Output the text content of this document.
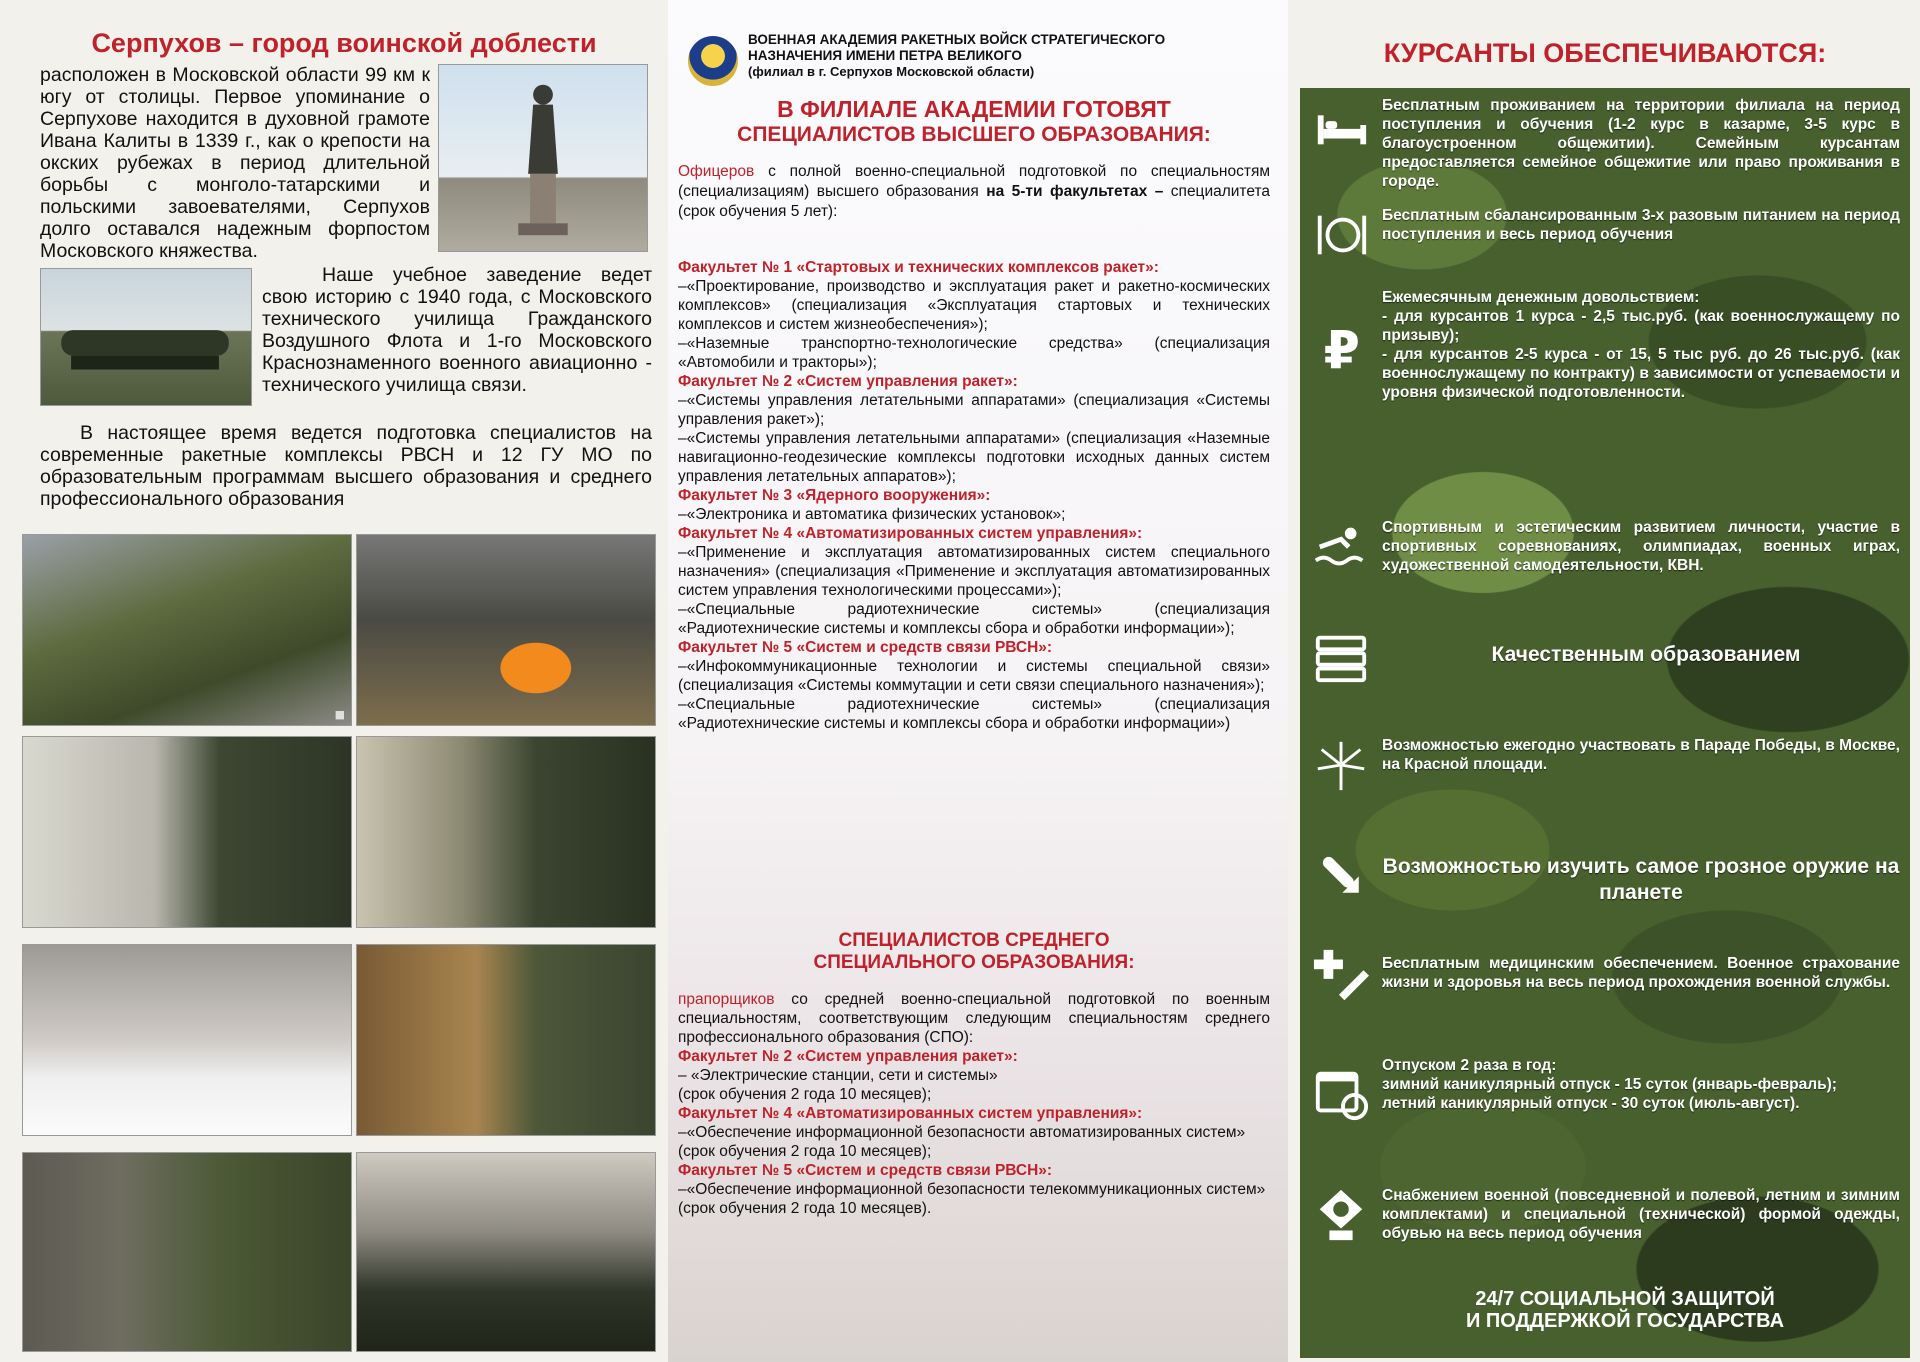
Серпухов – город воинской доблести

расположен в Московской области 99 км к югу от столицы. Первое упоминание о Серпухове находится в духовной грамоте Ивана Калиты в 1339 г., как о крепости на окских рубежах в период длительной борьбы с монголо-татарскими и польскими завоевателями, Серпухов долго оставался надежным форпостом Московского княжества.

Наше учебное заведение ведет свою историю с 1940 года, с Московского технического училища Гражданского Воздушного Флота и 1-го Московского Краснознаменного военного авиационно - технического училища связи.

В настоящее время ведется подготовка специалистов на современные ракетные комплексы РВСН и 12 ГУ МО по образовательным программам высшего образования и среднего профессионального образования

■
ВОЕННАЯ АКАДЕМИЯ РАКЕТНЫХ ВОЙСК СТРАТЕГИЧЕСКОГО НАЗНАЧЕНИЯ ИМЕНИ ПЕТРА ВЕЛИКОГО
(филиал в г. Серпухов Московской области)

В ФИЛИАЛЕ АКАДЕМИИ ГОТОВЯТ

СПЕЦИАЛИСТОВ ВЫСШЕГО ОБРАЗОВАНИЯ:

Офицеров с полной военно-специальной подготовкой по специальностям (специализациям) высшего образования на 5-ти факультетах – специалитета (срок обучения 5 лет):

Факультет № 1 «Стартовых и технических комплексов ракет»:

–«Проектирование, производство и эксплуатация ракет и ракетно-космических комплексов» (специализация «Эксплуатация стартовых и технических комплексов и систем жизнеобеспечения»);

–«Наземные транспортно-технологические средства» (специализация «Автомобили и тракторы»);

Факультет № 2 «Систем управления ракет»:

–«Системы управления летательными аппаратами» (специализация «Системы управления ракет»);

–«Системы управления летательными аппаратами» (специализация «Наземные навигационно-геодезические комплексы подготовки исходных данных систем управления летательных аппаратов»);

Факультет № 3 «Ядерного вооружения»:

–«Электроника и автоматика физических установок»;

Факультет № 4 «Автоматизированных систем управления»:

–«Применение и эксплуатация автоматизированных систем специального назначения» (специализация «Применение и эксплуатация автоматизированных систем управления технологическими процессами»);

–«Специальные радиотехнические системы» (специализация «Радиотехнические системы и комплексы сбора и обработки информации»);

Факультет № 5 «Систем и средств связи РВСН»:

–«Инфокоммуникационные технологии и системы специальной связи» (специализация «Системы коммутации и сети связи специального назначения»);

–«Специальные радиотехнические системы» (специализация «Радиотехнические системы и комплексы сбора и обработки информации»)

СПЕЦИАЛИСТОВ СРЕДНЕГО

СПЕЦИАЛЬНОГО ОБРАЗОВАНИЯ:

прапорщиков со средней военно-специальной подготовкой по военным специальностям, соответствующим следующим специальностям среднего профессионального образования (СПО):

Факультет № 2 «Систем управления ракет»:

– «Электрические станции, сети и системы»

(срок обучения 2 года 10 месяцев);

Факультет № 4 «Автоматизированных систем управления»:

–«Обеспечение информационной безопасности автоматизированных систем»

(срок обучения 2 года 10 месяцев);

Факультет № 5 «Систем и средств связи РВСН»:

–«Обеспечение информационной безопасности телекоммуникационных систем»

(срок обучения 2 года 10 месяцев).

КУРСАНТЫ ОБЕСПЕЧИВАЮТСЯ:
Бесплатным проживанием на территории филиала на период поступления и обучения (1-2 курс в казарме, 3-5 курс в благоустроенном общежитии). Семейным курсантам предоставляется семейное общежитие или право проживания в городе.
Бесплатным сбалансированным 3-х разовым питанием на период поступления и весь период обучения
₽
Ежемесячным денежным довольствием:
- для курсантов 1 курса - 2,5 тыс.руб. (как военнослужащему по призыву);
- для курсантов 2-5 курса - от 15, 5 тыс руб. до 26 тыс.руб. (как военнослужащему по контракту) в зависимости от успеваемости и уровня физической подготовленности.
Спортивным и эстетическим развитием личности, участие в спортивных соревнованиях, олимпиадах, военных играх, художественной самодеятельности, КВН.
Качественным образованием
Возможностью ежегодно участвовать в Параде Победы, в Москве, на Красной площади.
Возможностью изучить самое грозное оружие на планете
Бесплатным медицинским обеспечением. Военное страхование жизни и здоровья на весь период прохождения военной службы.
Отпуском 2 раза в год:
зимний каникулярный отпуск - 15 суток (январь-февраль);
летний каникулярный отпуск - 30 суток (июль-август).
Снабжением военной (повседневной и полевой, летним и зимним комплектами) и специальной (технической) формой одежды, обувью на весь период обучения
24/7 СОЦИАЛЬНОЙ ЗАЩИТОЙ
И ПОДДЕРЖКОЙ ГОСУДАРСТВА
